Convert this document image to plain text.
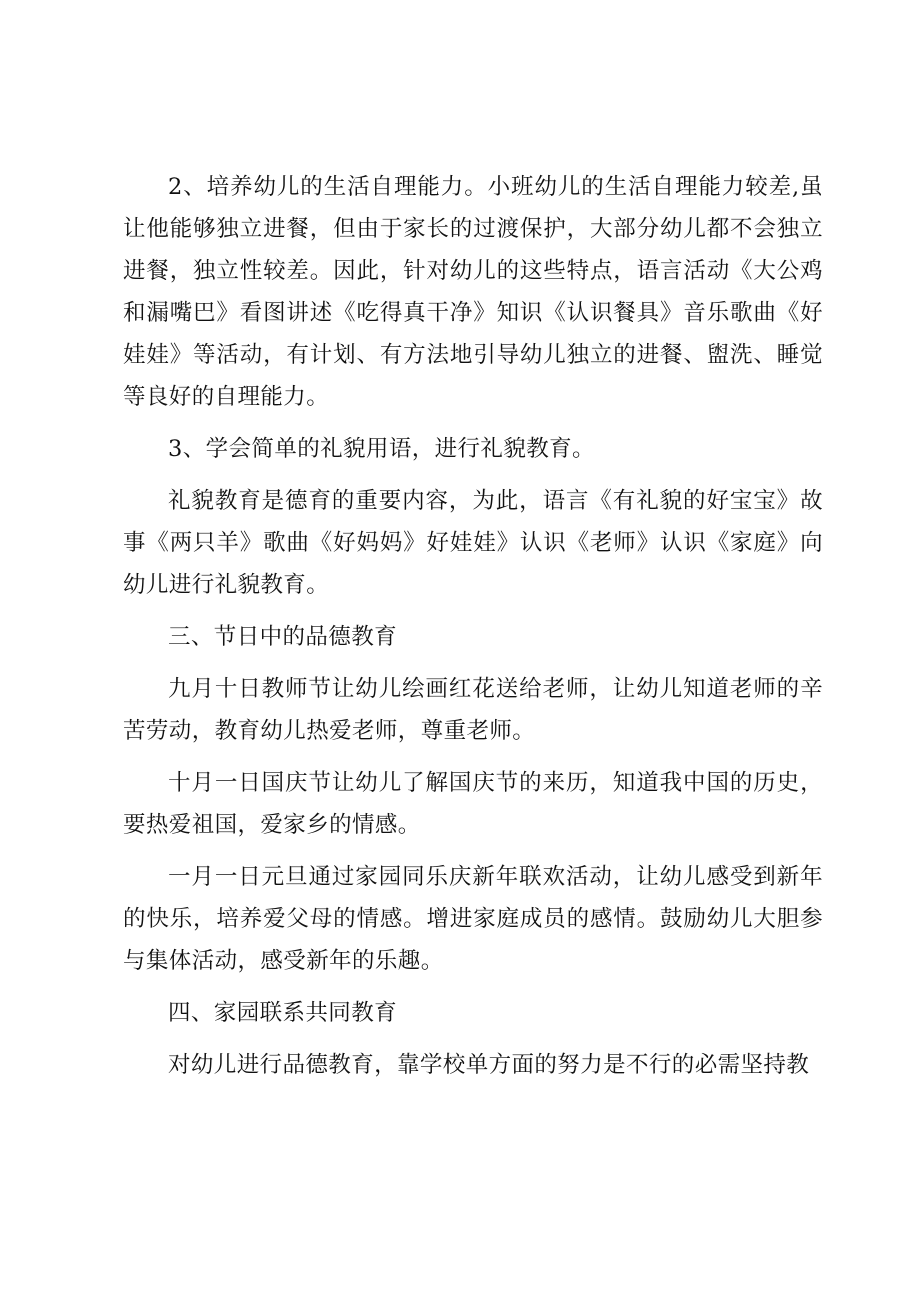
2、培养幼儿的生活自理能力。小班幼儿的生活自理能力较差,虽让他能够独立进餐，但由于家长的过渡保护，大部分幼儿都不会独立进餐，独立性较差。因此，针对幼儿的这些特点，语言活动《大公鸡和漏嘴巴》看图讲述《吃得真干净》知识《认识餐具》音乐歌曲《好娃娃》等活动，有计划、有方法地引导幼儿独立的进餐、盥洗、睡觉等良好的自理能力。

3、学会简单的礼貌用语，进行礼貌教育。

礼貌教育是德育的重要内容，为此，语言《有礼貌的好宝宝》故事《两只羊》歌曲《好妈妈》好娃娃》认识《老师》认识《家庭》向幼儿进行礼貌教育。

三、节日中的品德教育

九月十日教师节让幼儿绘画红花送给老师，让幼儿知道老师的辛苦劳动，教育幼儿热爱老师，尊重老师。

十月一日国庆节让幼儿了解国庆节的来历，知道我中国的历史，要热爱祖国，爱家乡的情感。

一月一日元旦通过家园同乐庆新年联欢活动，让幼儿感受到新年的快乐，培养爱父母的情感。增进家庭成员的感情。鼓励幼儿大胆参与集体活动，感受新年的乐趣。

四、家园联系共同教育

对幼儿进行品德教育，靠学校单方面的努力是不行的必需坚持教
